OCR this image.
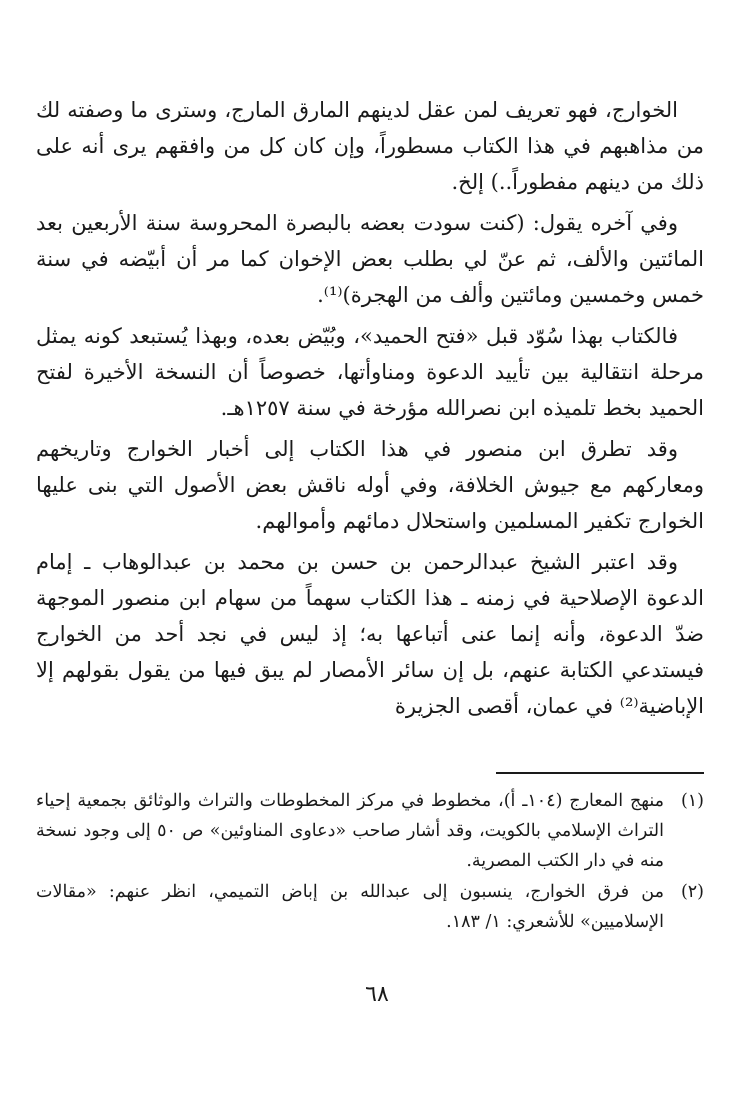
الخوارج، فهو تعريف لمن عقل لدينهم المارق المارج، وسترى ما وصفته لك من مذاهبهم في هذا الكتاب مسطوراً، وإن كان كل من وافقهم يرى أنه على ذلك من دينهم مفطوراً..) إلخ.

وفي آخره يقول: (كنت سودت بعضه بالبصرة المحروسة سنة الأربعين بعد المائتين والألف، ثم عنّ لي بطلب بعض الإخوان كما مر أن أبيّضه في سنة خمس وخمسين ومائتين وألف من الهجرة)⁽¹⁾.

فالكتاب بهذا سُوّد قبل «فتح الحميد»، وبُيّض بعده، وبهذا يُستبعد كونه يمثل مرحلة انتقالية بين تأييد الدعوة ومناوأتها، خصوصاً أن النسخة الأخيرة لفتح الحميد بخط تلميذه ابن نصرالله مؤرخة في سنة ١٢٥٧هـ.

وقد تطرق ابن منصور في هذا الكتاب إلى أخبار الخوارج وتاريخهم ومعاركهم مع جيوش الخلافة، وفي أوله ناقش بعض الأصول التي بنى عليها الخوارج تكفير المسلمين واستحلال دمائهم وأموالهم.

وقد اعتبر الشيخ عبدالرحمن بن حسن بن محمد بن عبدالوهاب ـ إمام الدعوة الإصلاحية في زمنه ـ هذا الكتاب سهماً من سهام ابن منصور الموجهة ضدّ الدعوة، وأنه إنما عنى أتباعها به؛ إذ ليس في نجد أحد من الخوارج فيستدعي الكتابة عنهم، بل إن سائر الأمصار لم يبق فيها من يقول بقولهم إلا الإباضية⁽²⁾ في عمان، أقصى الجزيرة

(١)
منهج المعارج (١٠٤ـ أ)، مخطوط في مركز المخطوطات والتراث والوثائق بجمعية إحياء التراث الإسلامي بالكويت، وقد أشار صاحب «دعاوى المناوئين» ص ٥٠ إلى وجود نسخة منه في دار الكتب المصرية.
(٢)
من فرق الخوارج، ينسبون إلى عبدالله بن إباض التميمي، انظر عنهم: «مقالات الإسلاميين» للأشعري: ١/ ١٨٣.
٦٨
